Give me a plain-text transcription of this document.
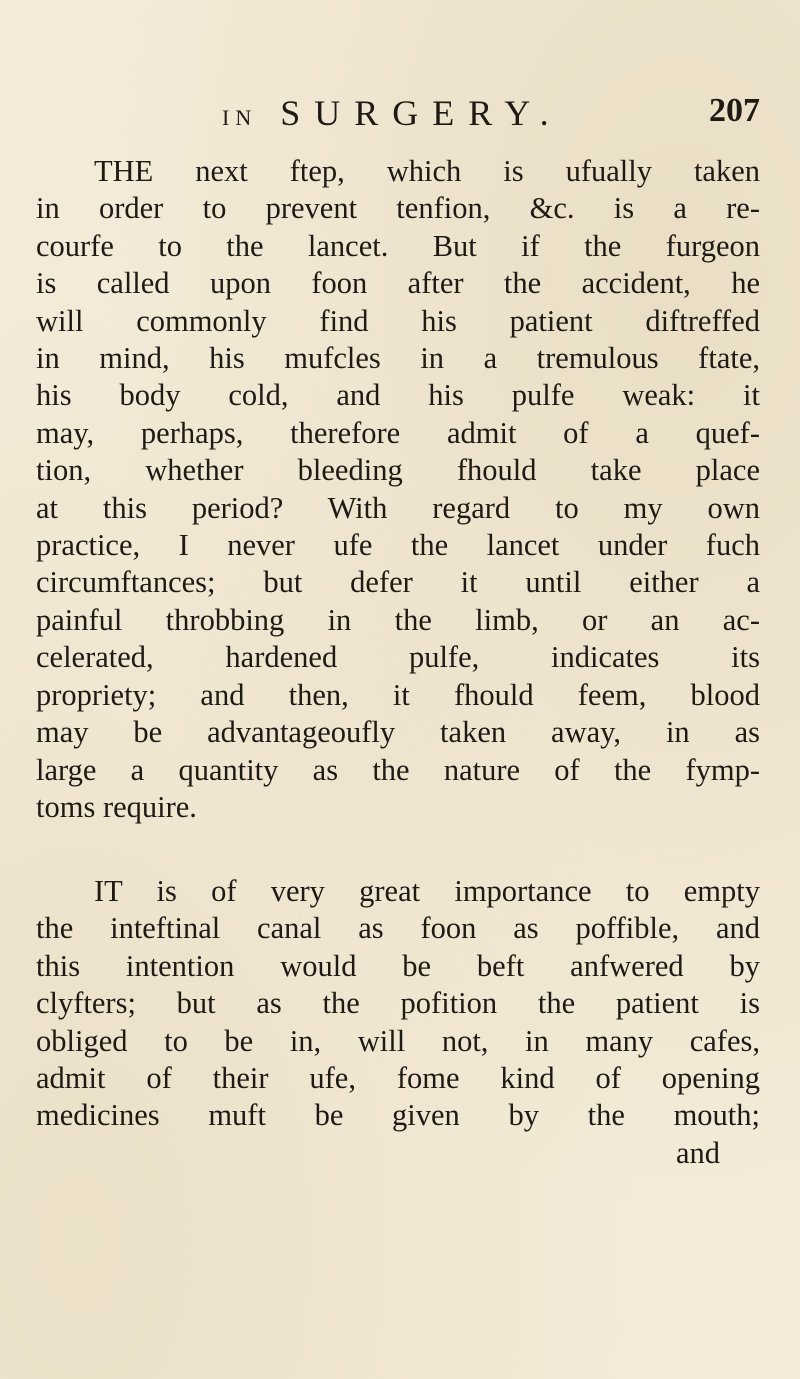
IN SURGERY.	207
THE next ftep, which is ufually taken
in order to prevent tenfion, &c. is a re-
courfe to the lancet. But if the furgeon
is called upon foon after the accident, he
will commonly find his patient diftreffed
in mind, his mufcles in a tremulous ftate,
his body cold, and his pulfe weak: it
may, perhaps, therefore admit of a quef-
tion, whether bleeding fhould take place
at this period? With regard to my own
practice, I never ufe the lancet under fuch
circumftances; but defer it until either a
painful throbbing in the limb, or an ac-
celerated, hardened pulfe, indicates its
propriety; and then, it fhould feem, blood
may be advantageoufly taken away, in as
large a quantity as the nature of the fymp-
toms require.
IT is of very great importance to empty
the inteftinal canal as foon as poffible, and
this intention would be beft anfwered by
clyfters; but as the pofition the patient is
obliged to be in, will not, in many cafes,
admit of their ufe, fome kind of opening
medicines muft be given by the mouth;
and
